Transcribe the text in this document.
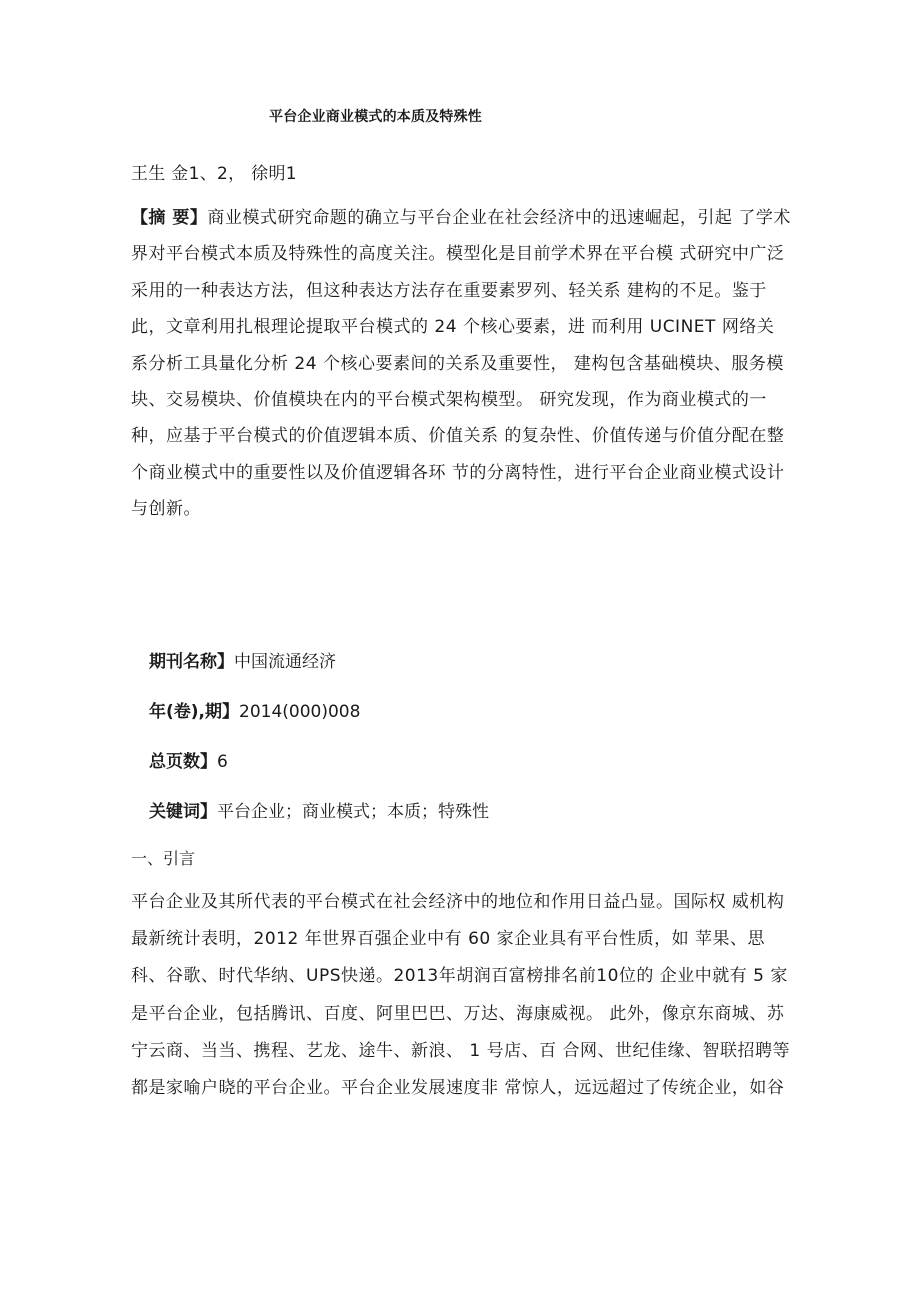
平台企业商业模式的本质及特殊性
王生 金1、2， 徐明1

【摘 要】商业模式研究命题的确立与平台企业在社会经济中的迅速崛起，引起 了学术界对平台模式本质及特殊性的高度关注。模型化是目前学术界在平台模 式研究中广泛采用的一种表达方法，但这种表达方法存在重要素罗列、轻关系 建构的不足。鉴于此，文章利用扎根理论提取平台模式的 24 个核心要素，进 而利用 UCINET 网络关系分析工具量化分析 24 个核心要素间的关系及重要性， 建构包含基础模块、服务模块、交易模块、价值模块在内的平台模式架构模型。 研究发现，作为商业模式的一种，应基于平台模式的价值逻辑本质、价值关系 的复杂性、价值传递与价值分配在整个商业模式中的重要性以及价值逻辑各环 节的分离特性，进行平台企业商业模式设计与创新。

期刊名称】中国流通经济
年(卷),期】2014(000)008
总页数】6
关键词】平台企业；商业模式；本质；特殊性
一、引言

平台企业及其所代表的平台模式在社会经济中的地位和作用日益凸显。国际权 威机构最新统计表明，2012 年世界百强企业中有 60 家企业具有平台性质，如 苹果、思科、谷歌、时代华纳、UPS快递。2013年胡润百富榜排名前10位的 企业中就有 5 家是平台企业，包括腾讯、百度、阿里巴巴、万达、海康威视。 此外，像京东商城、苏宁云商、当当、携程、艺龙、途牛、新浪、 1 号店、百 合网、世纪佳缘、智联招聘等都是家喻户晓的平台企业。平台企业发展速度非 常惊人，远远超过了传统企业，如谷
